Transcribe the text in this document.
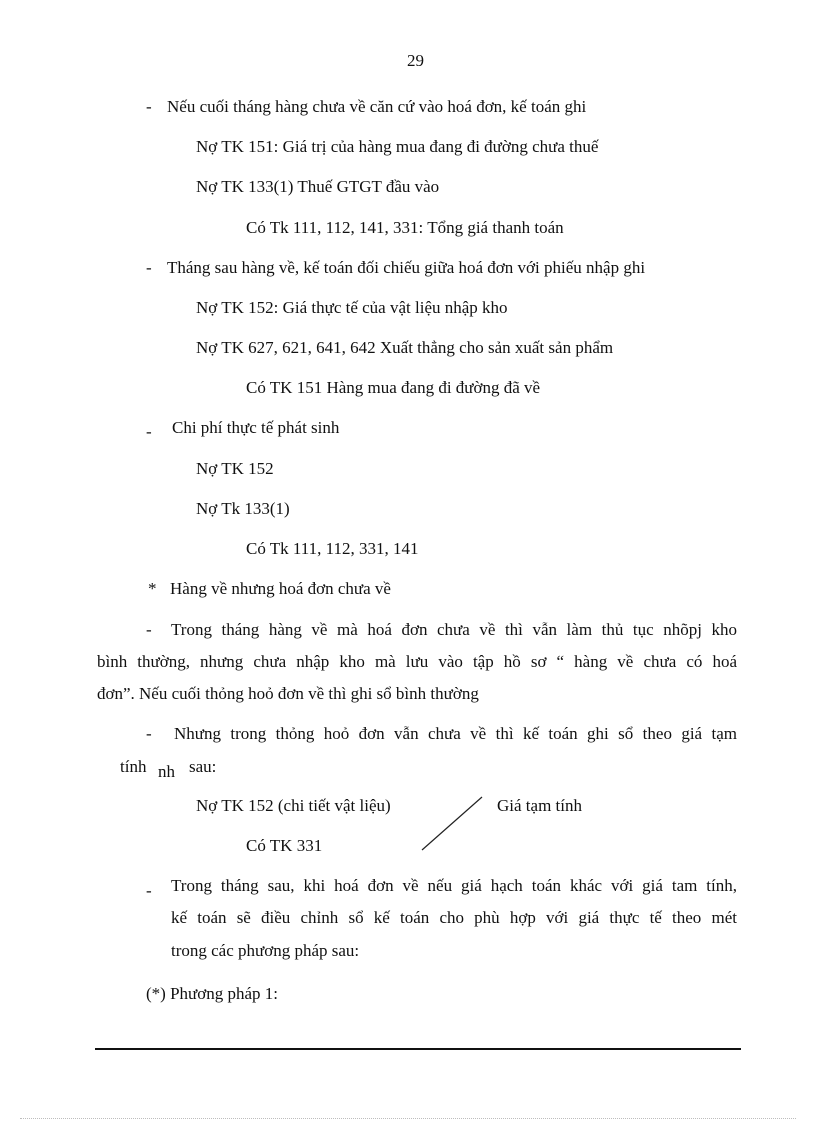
29
- Nếu cuối tháng hàng chưa về căn cứ vào hoá đơn, kế toán ghi
Nợ TK 151: Giá trị của hàng mua đang đi đường chưa thuế
Nợ TK 133(1) Thuế GTGT đầu vào
Có Tk 111, 112, 141, 331: Tổng giá thanh toán
- Tháng sau hàng về, kế toán đối chiếu giữa hoá đơn với phiếu nhập ghi
Nợ TK 152: Giá thực tế của vật liệu nhập kho
Nợ TK 627, 621, 641, 642 Xuất thẳng cho sản xuất sản phẩm
Có TK 151 Hàng mua đang đi đường đã về
- Chi phí thực tế phát sinh
Nợ TK 152
Nợ Tk 133(1)
Có Tk 111, 112, 331, 141
* Hàng về nhưng hoá đơn chưa về
- Trong tháng hàng về mà hoá đơn chưa về thì vẫn làm thủ tục nhõpj kho
bình thường, nhưng chưa nhập kho mà lưu vào tập hồ sơ “ hàng về chưa có hoá
đơn”. Nếu cuối thỏng hoỏ đơn về thì ghi sổ bình thường
- Nhưng trong thỏng hoỏ đơn vẫn chưa về thì kế toán ghi sổ theo giá tạm
tính nh sau:
Nợ TK 152 (chi tiết vật liệu)	Giá tạm tính
Có TK 331
- Trong tháng sau, khi hoá đơn về nếu giá hạch toán khác với giá tam tính,
kế toán sẽ điều chỉnh sổ kế toán cho phù hợp với giá thực tế theo mét
trong các phương pháp sau:
(*) Phương pháp 1:
